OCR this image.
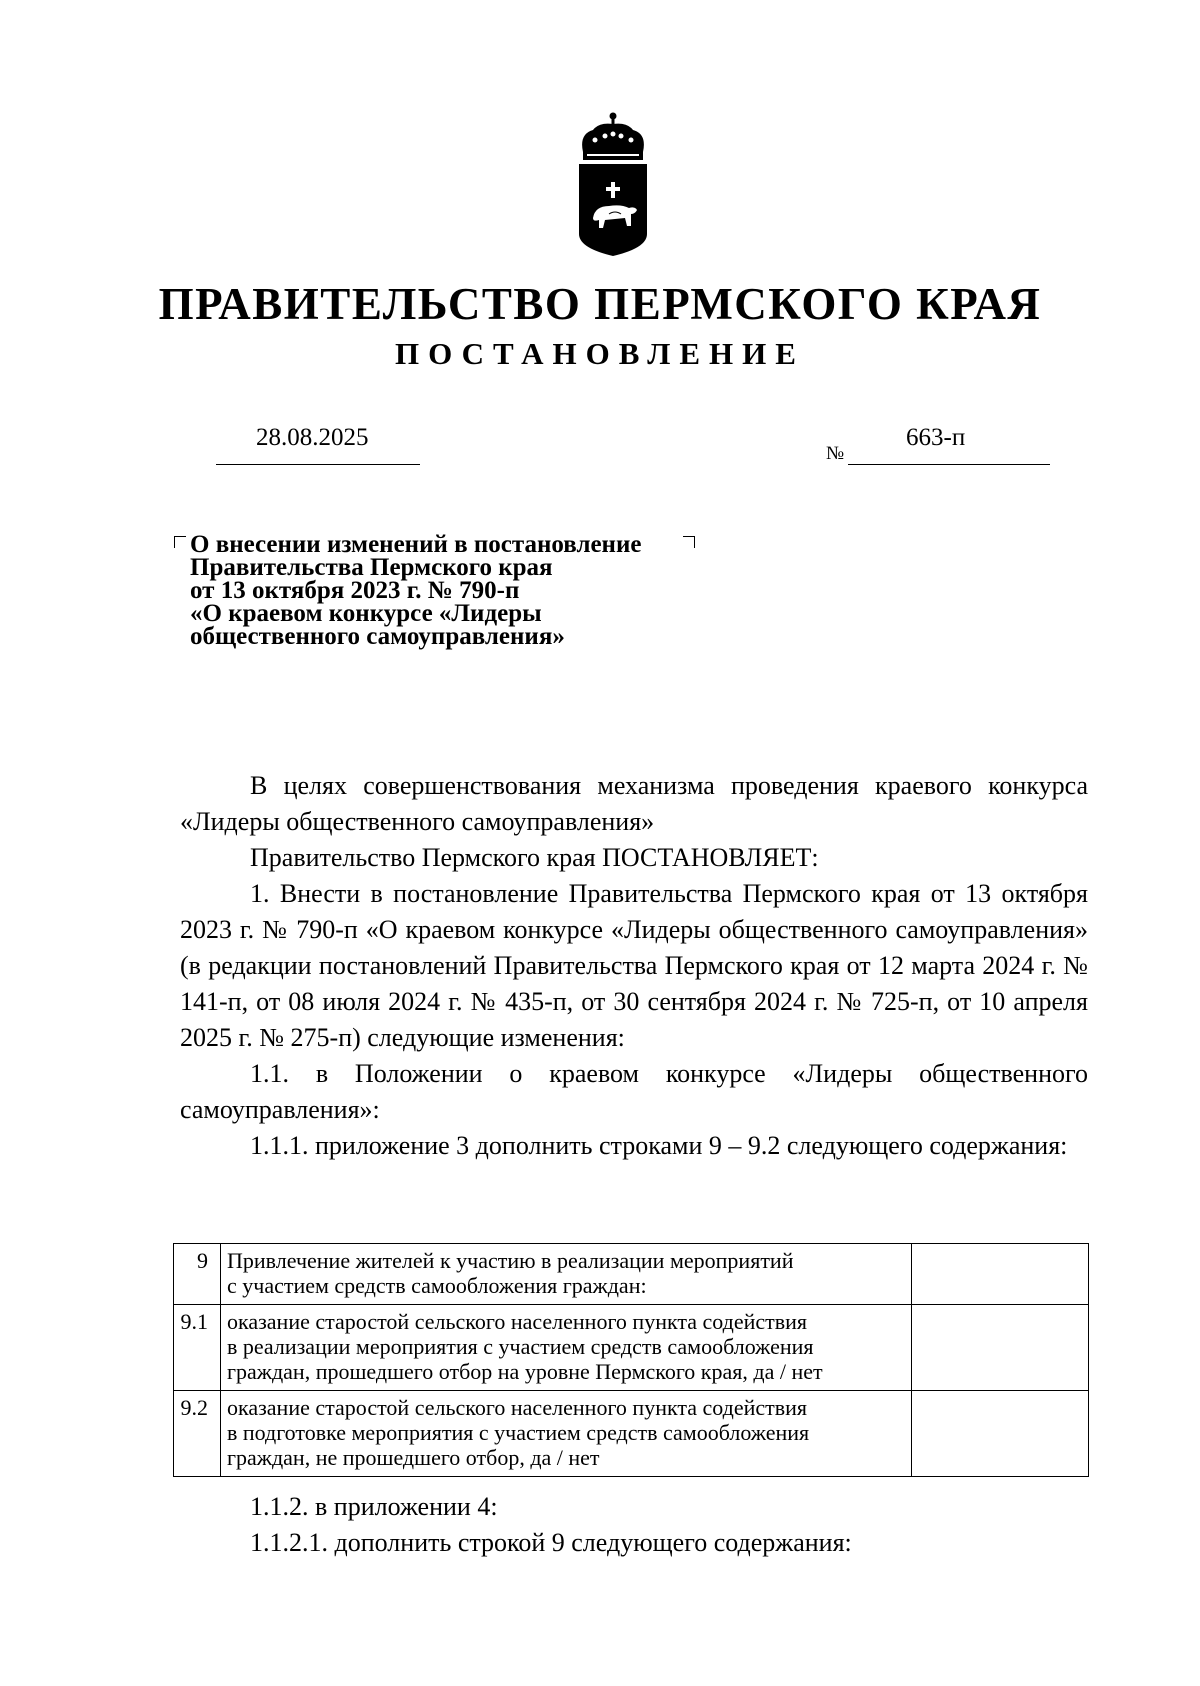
ПРАВИТЕЛЬСТВО ПЕРМСКОГО КРАЯ
ПОСТАНОВЛЕНИЕ
28.08.2025
№
663-п
О внесении изменений в постановление
Правительства Пермского края
от 13 октября 2023 г. № 790-п
«О краевом конкурсе «Лидеры
общественного самоуправления»

В целях совершенствования механизма проведения краевого конкурса «Лидеры общественного самоуправления»

Правительство Пермского края ПОСТАНОВЛЯЕТ:

1. Внести в постановление Правительства Пермского края от 13 октября 2023 г. № 790-п «О краевом конкурсе «Лидеры общественного самоуправления» (в редакции постановлений Правительства Пермского края от 12 марта 2024 г. № 141-п, от 08 июля 2024 г. № 435-п, от 30 сентября 2024 г. № 725-п, от 10 апреля 2025 г. № 275-п) следующие изменения:

1.1. в Положении о краевом конкурсе «Лидеры общественного самоуправления»:

1.1.1. приложение 3 дополнить строками 9 – 9.2 следующего содержания:

9	Привлечение жителей к участию в реализации мероприятий
с участием средств самообложения граждан:	

9.1	оказание старостой сельского населенного пункта содействия
в реализации мероприятия с участием средств самообложения
граждан, прошедшего отбор на уровне Пермского края, да / нет	

9.2	оказание старостой сельского населенного пункта содействия
в подготовке мероприятия с участием средств самообложения
граждан, не прошедшего отбор, да / нет	

1.1.2. в приложении 4:
1.1.2.1. дополнить строкой 9 следующего содержания:
